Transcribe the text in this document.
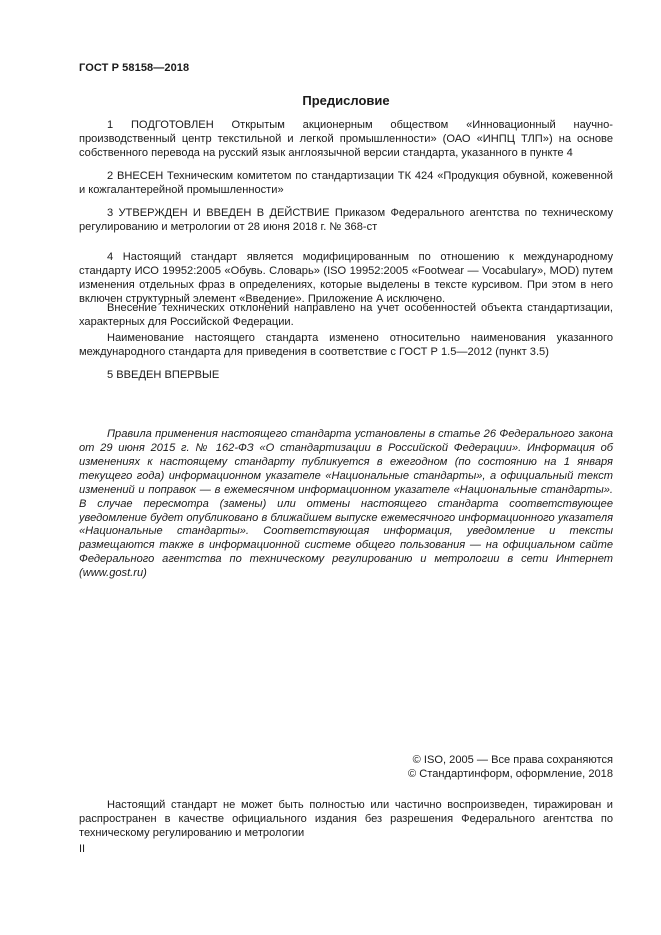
ГОСТ Р 58158—2018
Предисловие

1 ПОДГОТОВЛЕН Открытым акционерным обществом «Инновационный научно-производственный центр текстильной и легкой промышленности» (ОАО «ИНПЦ ТЛП») на основе собственного перевода на русский язык англоязычной версии стандарта, указанного в пункте 4

2 ВНЕСЕН Техническим комитетом по стандартизации ТК 424 «Продукция обувной, кожевенной и кожгалантерейной промышленности»

3 УТВЕРЖДЕН И ВВЕДЕН В ДЕЙСТВИЕ Приказом Федерального агентства по техническому регулированию и метрологии от 28 июня 2018 г. № 368-ст

4 Настоящий стандарт является модифицированным по отношению к международному стандарту ИСО 19952:2005 «Обувь. Словарь» (ISO 19952:2005 «Footwear — Vocabulary», MOD) путем изменения отдельных фраз в определениях, которые выделены в тексте курсивом. При этом в него включен структурный элемент «Введение». Приложение А исключено.

Внесение технических отклонений направлено на учет особенностей объекта стандартизации, характерных для Российской Федерации.

Наименование настоящего стандарта изменено относительно наименования указанного международного стандарта для приведения в соответствие с ГОСТ Р 1.5—2012 (пункт 3.5)

5 ВВЕДЕН ВПЕРВЫЕ

Правила применения настоящего стандарта установлены в статье 26 Федерального закона от 29 июня 2015 г. № 162-ФЗ «О стандартизации в Российской Федерации». Информация об изменениях к настоящему стандарту публикуется в ежегодном (по состоянию на 1 января текущего года) информационном указателе «Национальные стандарты», а официальный текст изменений и поправок — в ежемесячном информационном указателе «Национальные стандарты». В случае пересмотра (замены) или отмены настоящего стандарта соответствующее уведомление будет опубликовано в ближайшем выпуске ежемесячного информационного указателя «Национальные стандарты». Соответствующая информация, уведомление и тексты размещаются также в информационной системе общего пользования — на официальном сайте Федерального агентства по техническому регулированию и метрологии в сети Интернет (www.gost.ru)

© ISO, 2005 — Все права сохраняются
© Стандартинформ, оформление, 2018

Настоящий стандарт не может быть полностью или частично воспроизведен, тиражирован и распространен в качестве официального издания без разрешения Федерального агентства по техническому регулированию и метрологии

II
